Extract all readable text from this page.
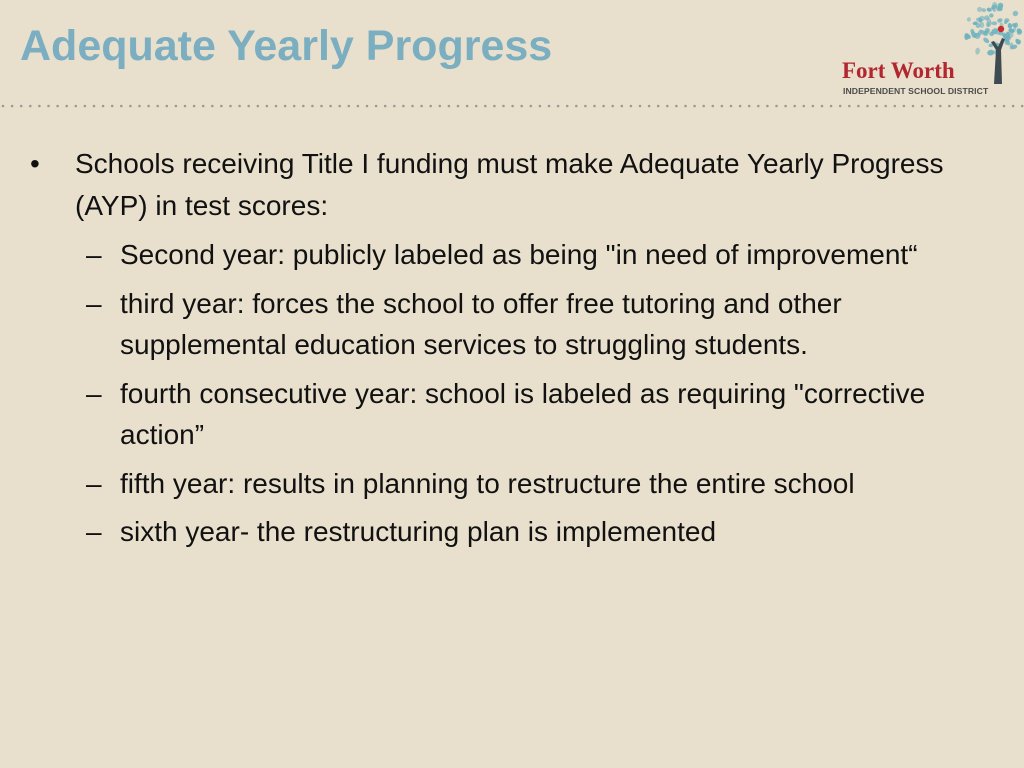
Adequate Yearly Progress
Fort Worth
INDEPENDENT SCHOOL DISTRICT
• Schools receiving Title I funding must make Adequate Yearly Progress (AYP) in test scores:
– Second year: publicly labeled as being "in need of improvement“
– third year: forces the school to offer free tutoring and other supplemental education services to struggling students.
– fourth consecutive year: school is labeled as requiring "corrective action”
– fifth year: results in planning to restructure the entire school
– sixth year- the restructuring plan is implemented
